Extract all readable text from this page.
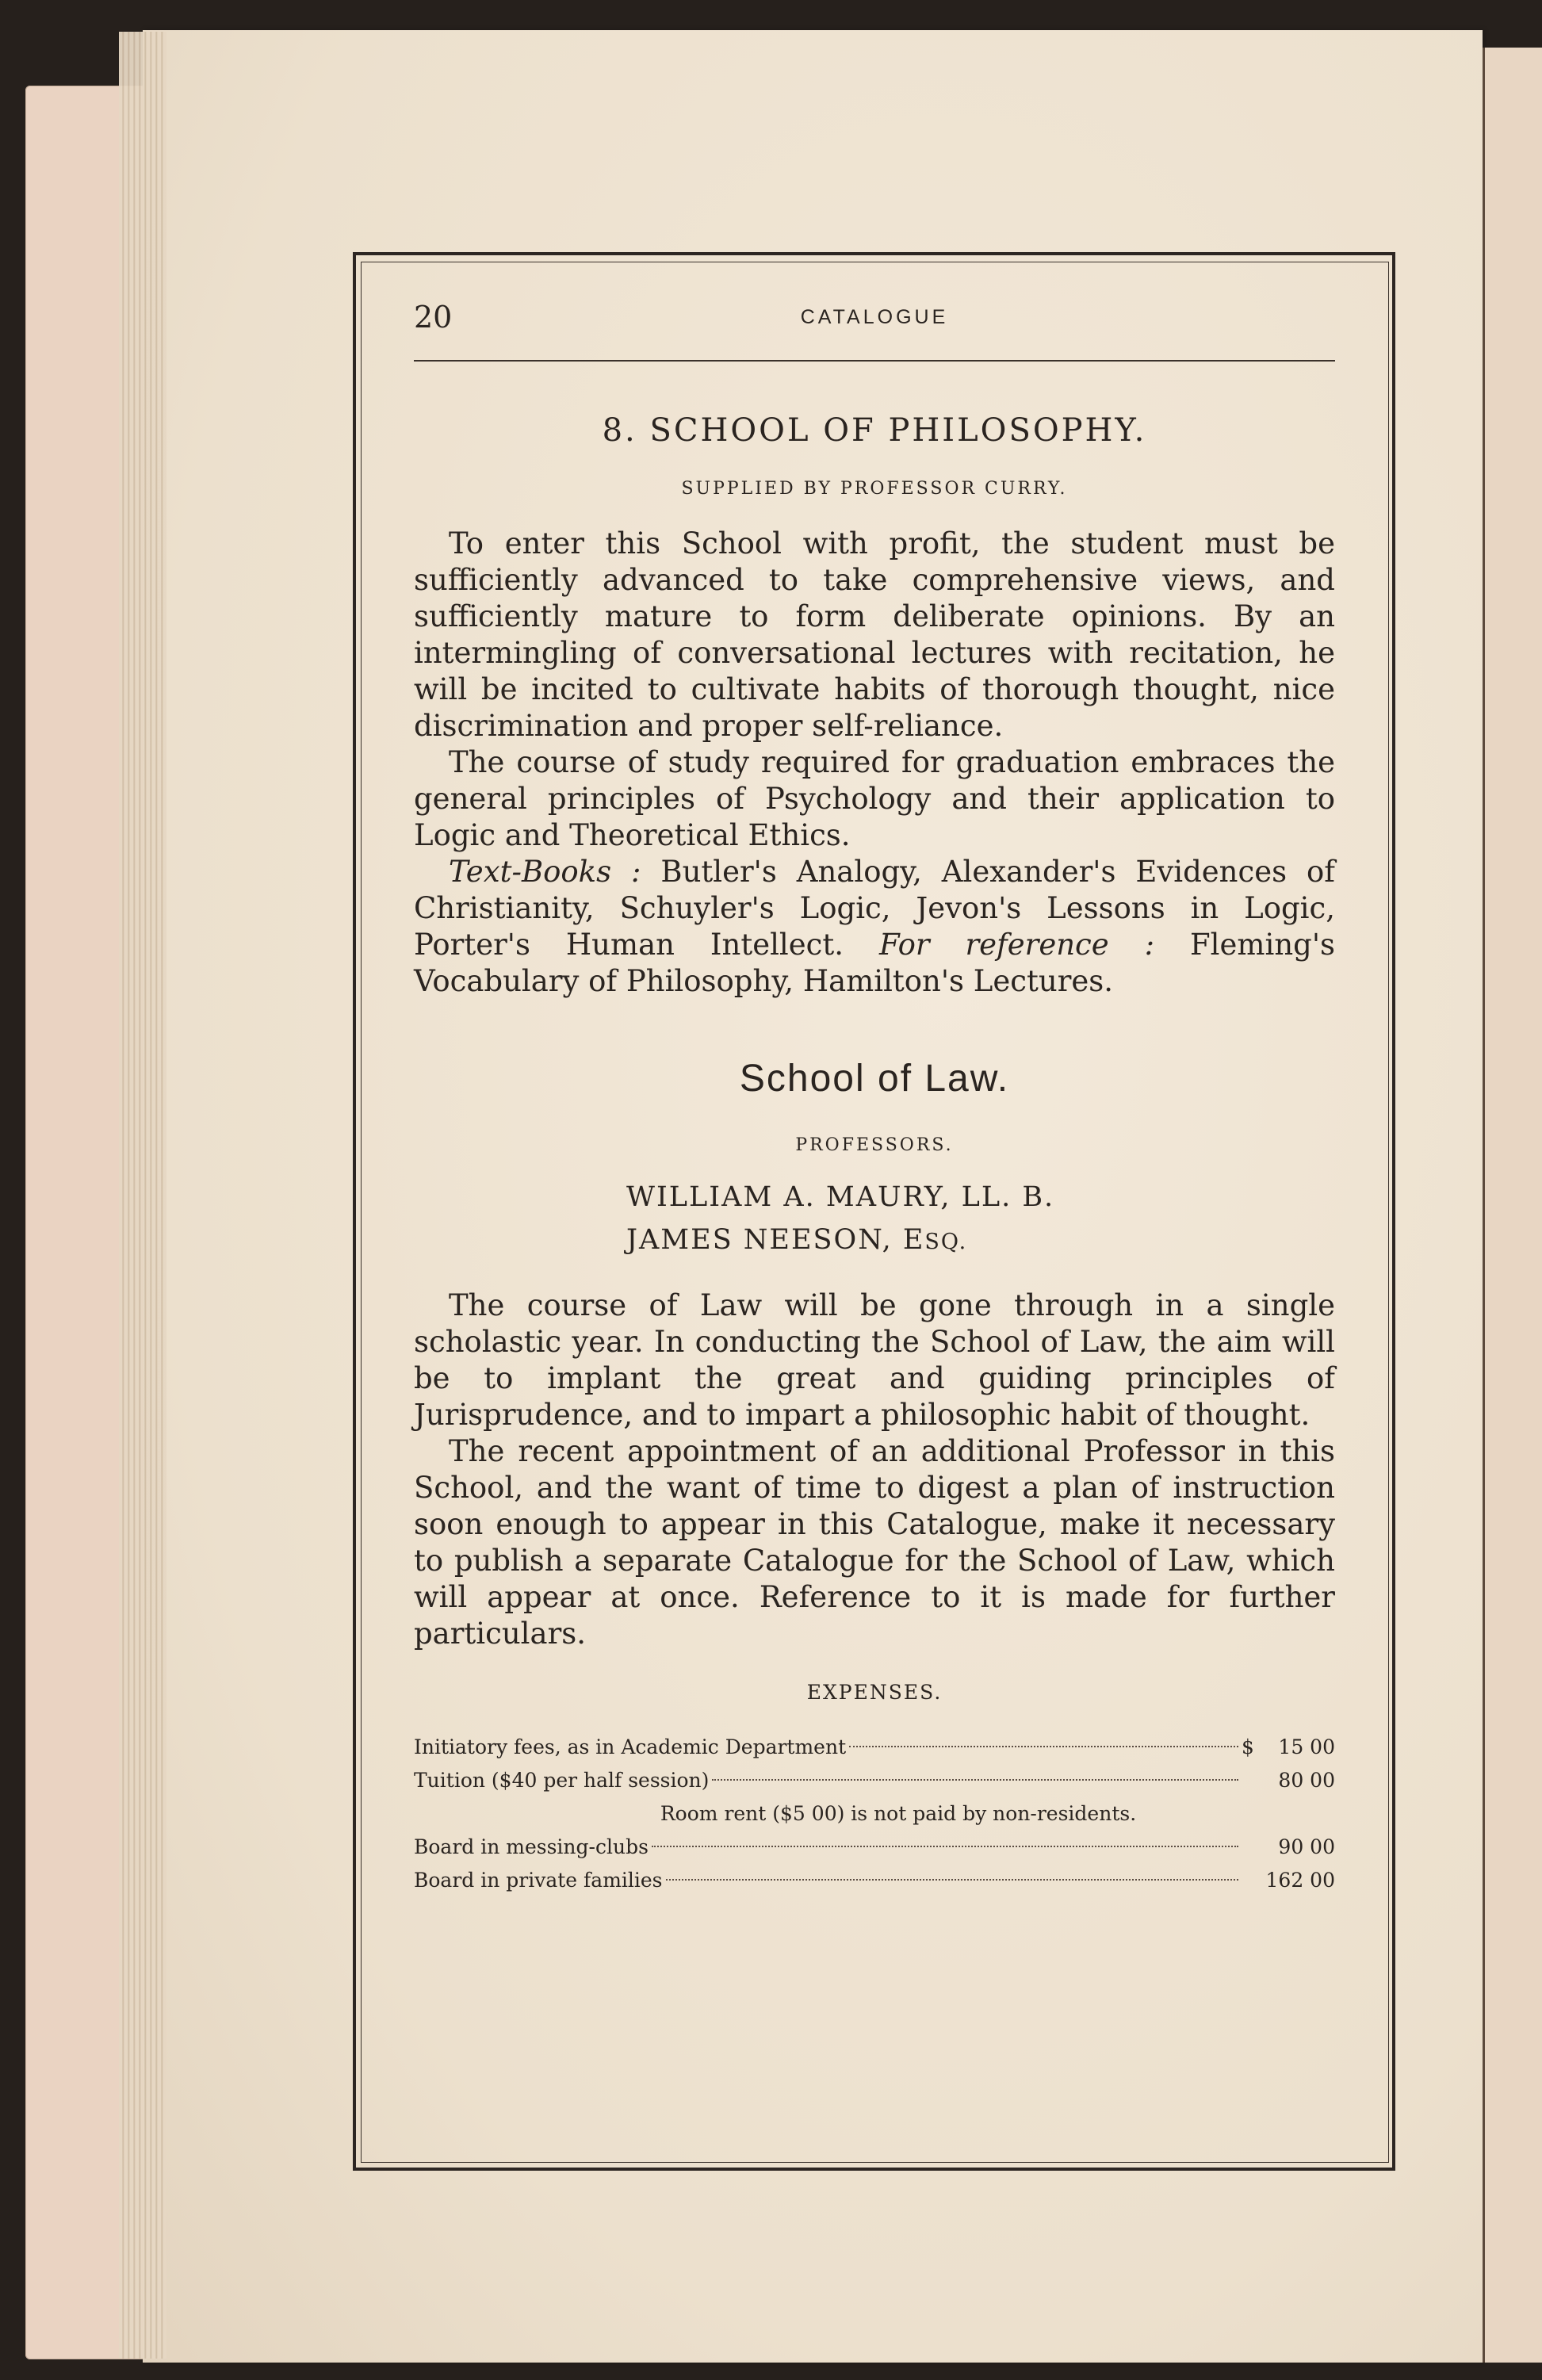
20	CATALOGUE
8. SCHOOL OF PHILOSOPHY.
SUPPLIED BY PROFESSOR CURRY.

To enter this School with profit, the student must be sufficiently advanced to take comprehensive views, and sufficiently mature to form deliberate opinions. By an intermingling of conversational lectures with recitation, he will be incited to cultivate habits of thorough thought, nice discrimination and proper self-reliance.

The course of study required for graduation embraces the general principles of Psychology and their application to Logic and Theoretical Ethics.

Text-Books : Butler's Analogy, Alexander's Evidences of Christianity, Schuyler's Logic, Jevon's Lessons in Logic, Porter's Human Intellect. For reference : Fleming's Vocabulary of Philosophy, Hamilton's Lectures.

School of Law.
PROFESSORS.
WILLIAM A. MAURY, LL. B.
JAMES NEESON, ESQ.

The course of Law will be gone through in a single scholastic year. In conducting the School of Law, the aim will be to implant the great and guiding principles of Jurisprudence, and to impart a philosophic habit of thought.

The recent appointment of an additional Professor in this School, and the want of time to digest a plan of instruction soon enough to appear in this Catalogue, make it necessary to publish a separate Catalogue for the School of Law, which will appear at once. Reference to it is made for further particulars.

EXPENSES.
Initiatory fees, as in Academic Department	$	15 00
Tuition ($40 per half session)	80 00
Room rent ($5 00) is not paid by non-residents.
Board in messing-clubs	90 00
Board in private families	162 00
